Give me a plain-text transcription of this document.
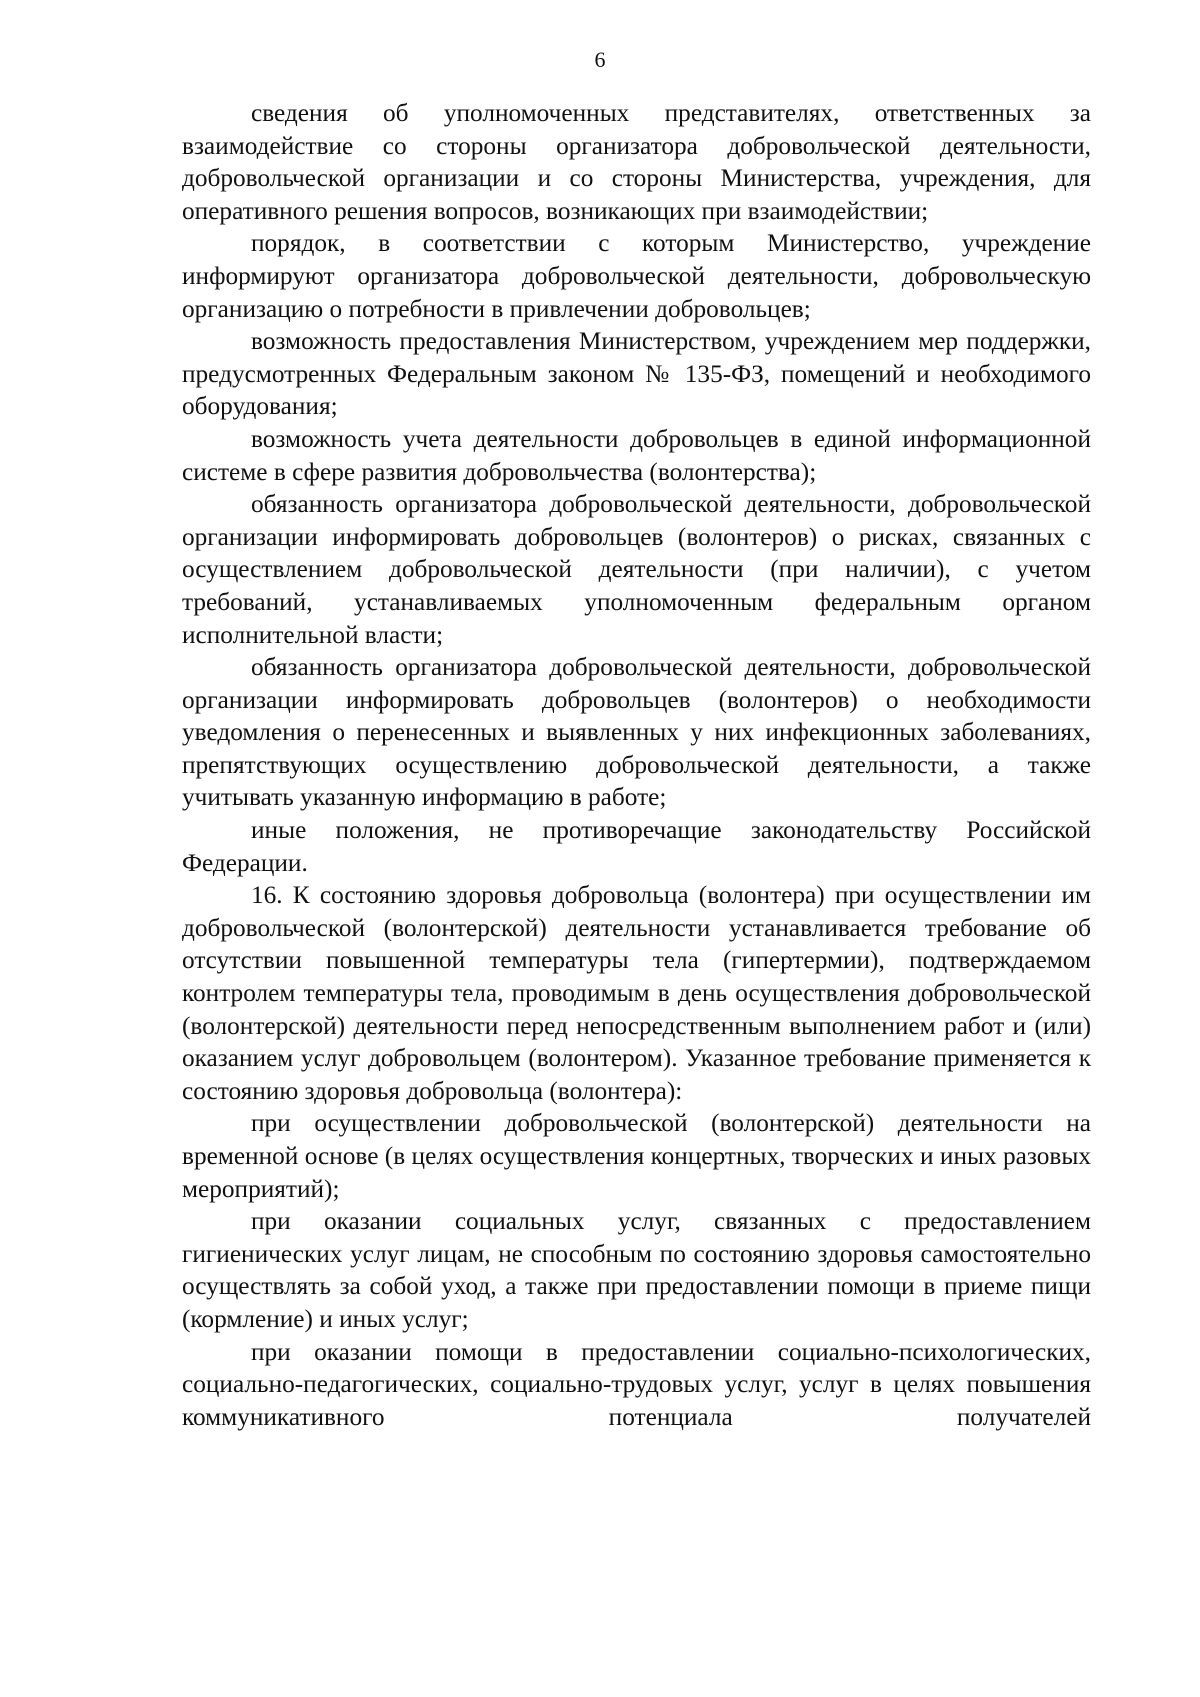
6

сведения об уполномоченных представителях, ответственных за взаимодействие со стороны организатора добровольческой деятельности, добровольческой организации и со стороны Министерства, учреждения, для оперативного решения вопросов, возникающих при взаимодействии;

порядок, в соответствии с которым Министерство, учреждение информируют организатора добровольческой деятельности, добровольческую организацию о потребности в привлечении добровольцев;

возможность предоставления Министерством, учреждением мер поддержки, предусмотренных Федеральным законом № 135-ФЗ, помещений и необходимого оборудования;

возможность учета деятельности добровольцев в единой информационной системе в сфере развития добровольчества (волонтерства);

обязанность организатора добровольческой деятельности, добровольческой организации информировать добровольцев (волонтеров) о рисках, связанных с осуществлением добровольческой деятельности (при наличии), с учетом требований, устанавливаемых уполномоченным федеральным органом исполнительной власти;

обязанность организатора добровольческой деятельности, добровольческой организации информировать добровольцев (волонтеров) о необходимости уведомления о перенесенных и выявленных у них инфекционных заболеваниях, препятствующих осуществлению добровольческой деятельности, а также учитывать указанную информацию в работе;

иные положения, не противоречащие законодательству Российской Федерации.

16. К состоянию здоровья добровольца (волонтера) при осуществлении им добровольческой (волонтерской) деятельности устанавливается требование об отсутствии повышенной температуры тела (гипертермии), подтверждаемом контролем температуры тела, проводимым в день осуществления добровольческой (волонтерской) деятельности перед непосредственным выполнением работ и (или) оказанием услуг добровольцем (волонтером). Указанное требование применяется к состоянию здоровья добровольца (волонтера):

при осуществлении добровольческой (волонтерской) деятельности на временной основе (в целях осуществления концертных, творческих и иных разовых мероприятий);

при оказании социальных услуг, связанных с предоставлением гигиенических услуг лицам, не способным по состоянию здоровья самостоятельно осуществлять за собой уход, а также при предоставлении помощи в приеме пищи (кормление) и иных услуг;

при оказании помощи в предоставлении социально-психологических, социально-педагогических, социально-трудовых услуг, услуг в целях повышения коммуникативного потенциала получателей
